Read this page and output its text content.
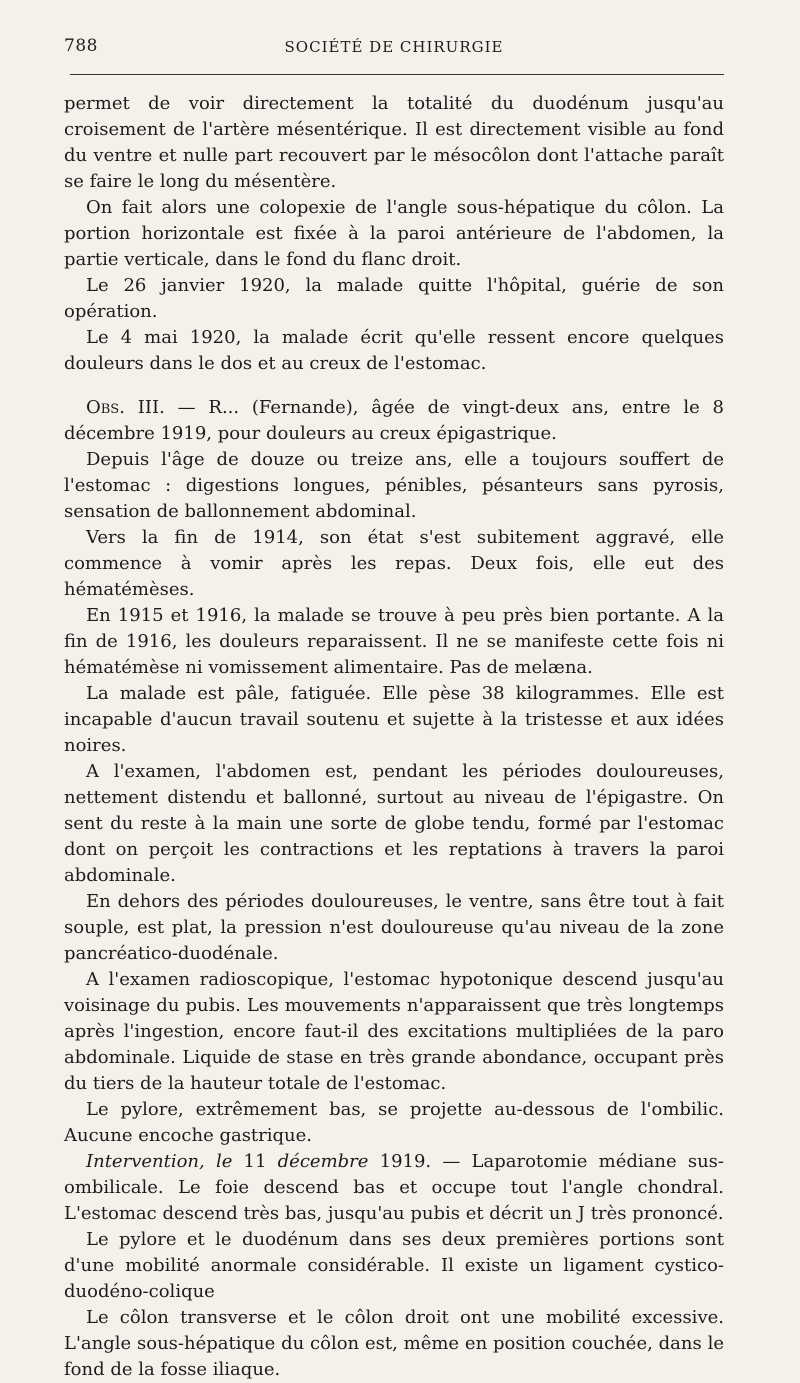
788	SOCIÉTÉ DE CHIRURGIE

permet de voir directement la totalité du duodénum jusqu'au croisement de l'artère mésentérique. Il est directement visible au fond du ventre et nulle part recouvert par le mésocôlon dont l'attache paraît se faire le long du mésentère.

On fait alors une colopexie de l'angle sous-hépatique du côlon. La portion horizontale est fixée à la paroi antérieure de l'abdomen, la partie verticale, dans le fond du flanc droit.

Le 26 janvier 1920, la malade quitte l'hôpital, guérie de son opération.

Le 4 mai 1920, la malade écrit qu'elle ressent encore quelques douleurs dans le dos et au creux de l'estomac.

Obs. III. — R... (Fernande), âgée de vingt-deux ans, entre le 8 décembre 1919, pour douleurs au creux épigastrique.

Depuis l'âge de douze ou treize ans, elle a toujours souffert de l'estomac : digestions longues, pénibles, pésanteurs sans pyrosis, sensation de ballonnement abdominal.

Vers la fin de 1914, son état s'est subitement aggravé, elle commence à vomir après les repas. Deux fois, elle eut des hématémèses.

En 1915 et 1916, la malade se trouve à peu près bien portante. A la fin de 1916, les douleurs reparaissent. Il ne se manifeste cette fois ni hématémèse ni vomissement alimentaire. Pas de melæna.

La malade est pâle, fatiguée. Elle pèse 38 kilogrammes. Elle est incapable d'aucun travail soutenu et sujette à la tristesse et aux idées noires.

A l'examen, l'abdomen est, pendant les périodes douloureuses, nettement distendu et ballonné, surtout au niveau de l'épigastre. On sent du reste à la main une sorte de globe tendu, formé par l'estomac dont on perçoit les contractions et les reptations à travers la paroi abdominale.

En dehors des périodes douloureuses, le ventre, sans être tout à fait souple, est plat, la pression n'est douloureuse qu'au niveau de la zone pancréatico-duodénale.

A l'examen radioscopique, l'estomac hypotonique descend jusqu'au voisinage du pubis. Les mouvements n'apparaissent que très longtemps après l'ingestion, encore faut-il des excitations multipliées de la paro abdominale. Liquide de stase en très grande abondance, occupant près du tiers de la hauteur totale de l'estomac.

Le pylore, extrêmement bas, se projette au-dessous de l'ombilic. Aucune encoche gastrique.

Intervention, le 11 décembre 1919. — Laparotomie médiane sus-ombilicale. Le foie descend bas et occupe tout l'angle chondral. L'estomac descend très bas, jusqu'au pubis et décrit un J très prononcé.

Le pylore et le duodénum dans ses deux premières portions sont d'une mobilité anormale considérable. Il existe un ligament cystico-duodéno-colique

Le côlon transverse et le côlon droit ont une mobilité excessive. L'angle sous-hépatique du côlon est, même en position couchée, dans le fond de la fosse iliaque.
